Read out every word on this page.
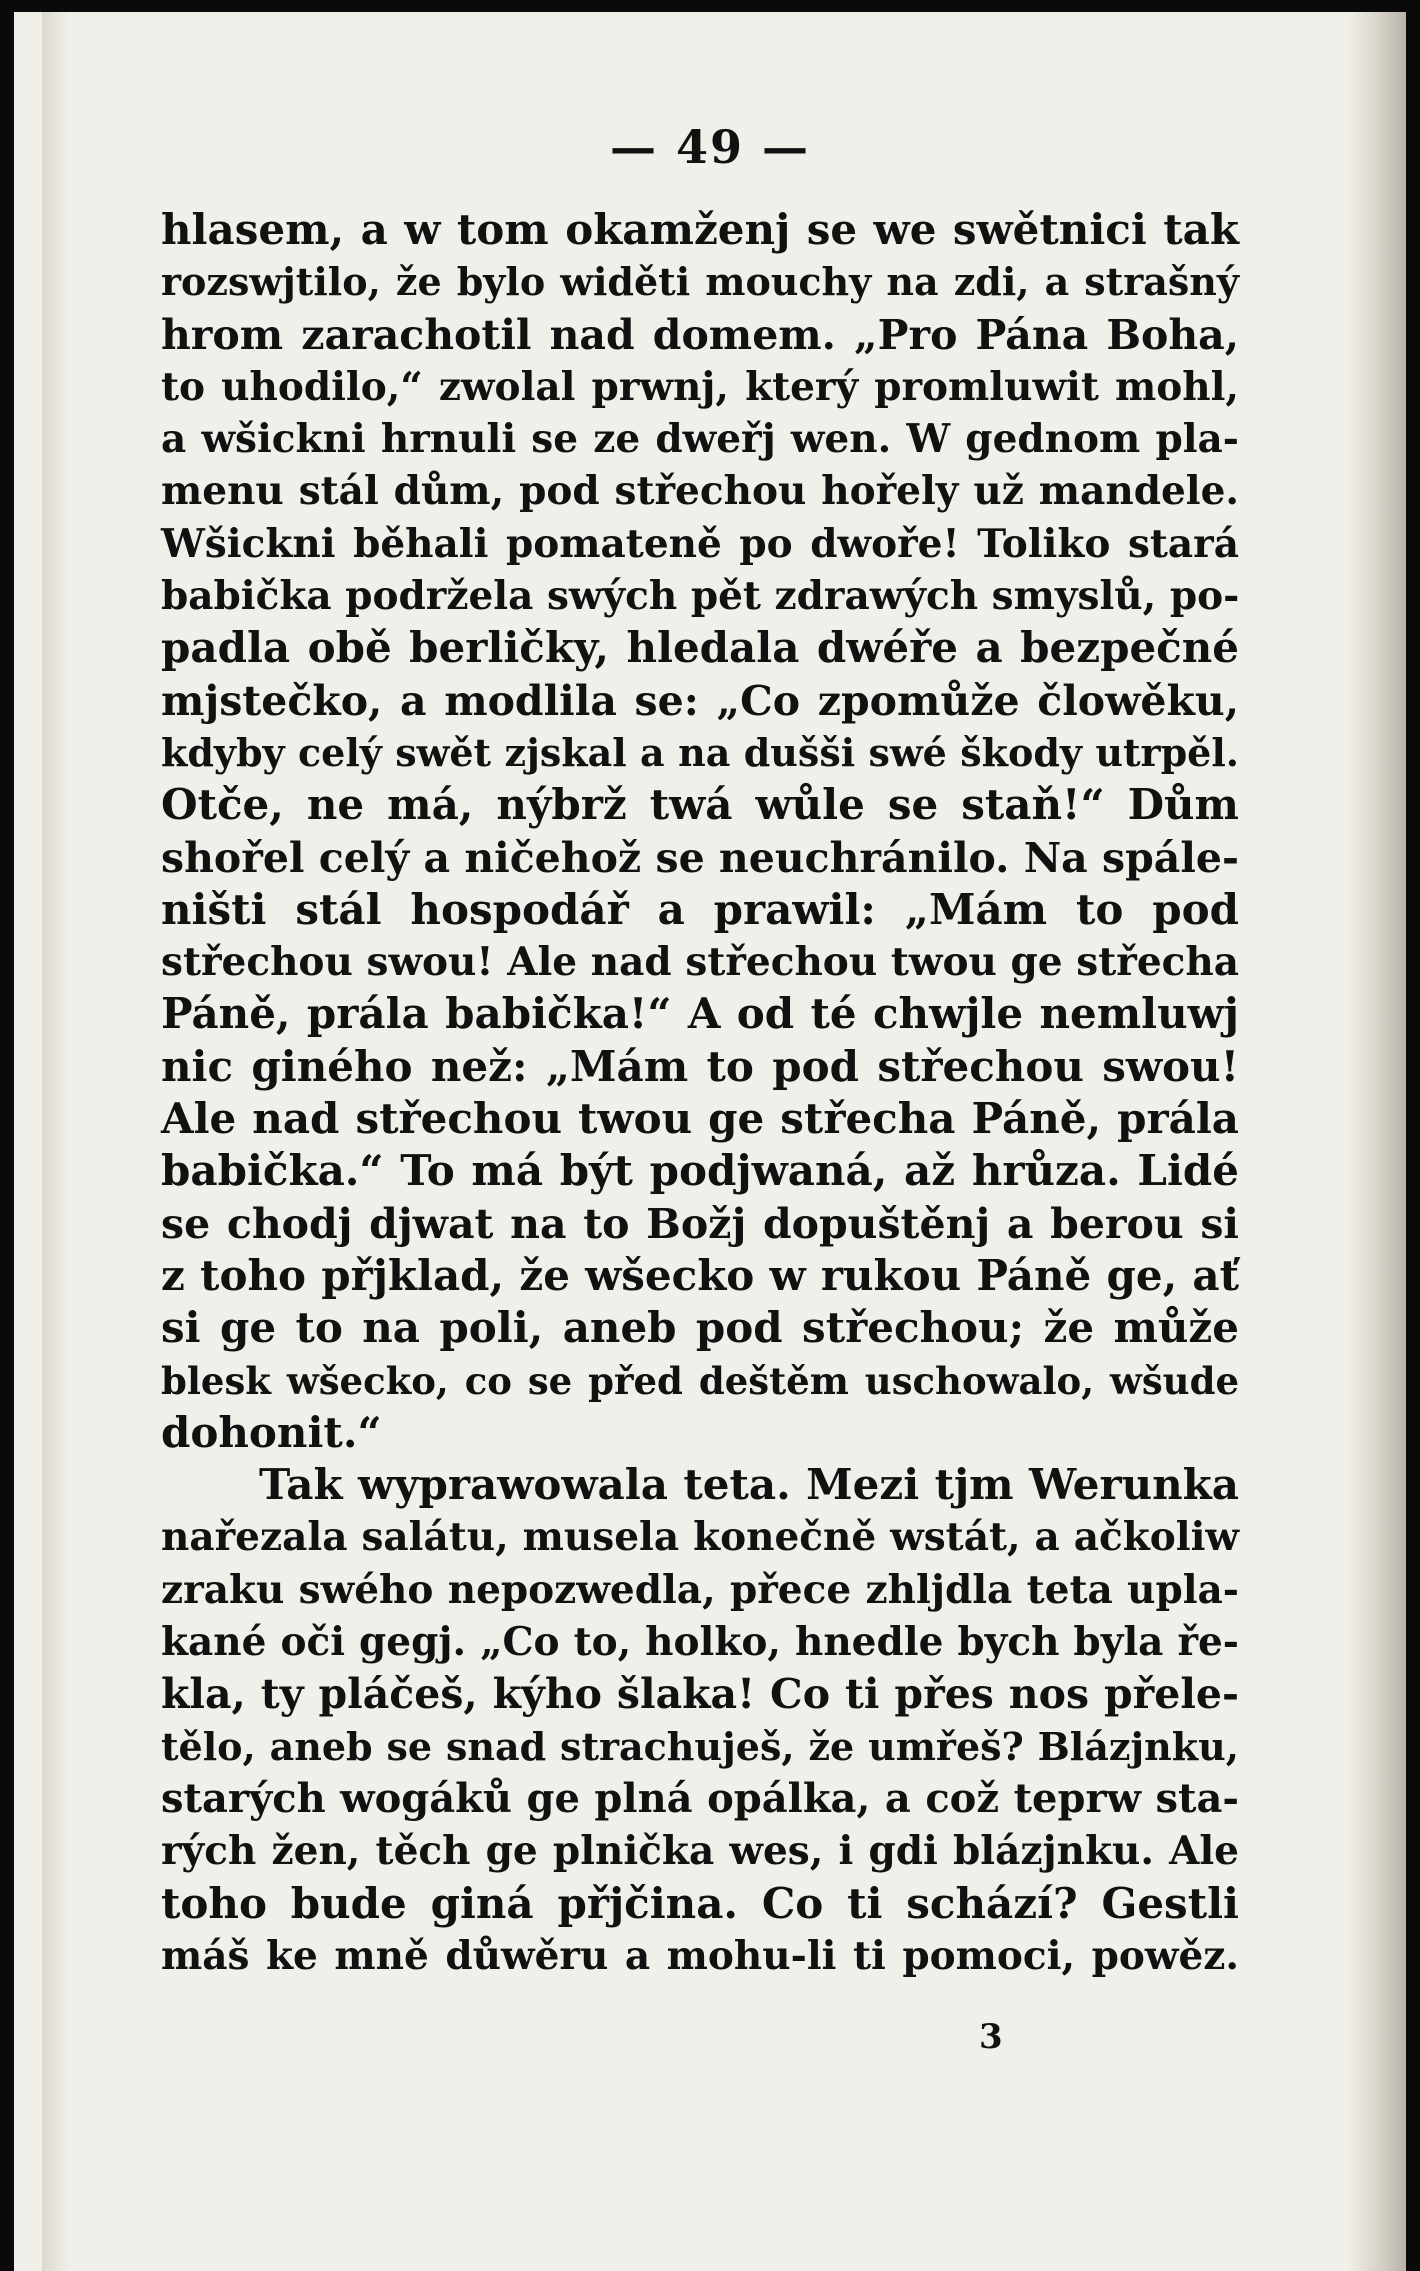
— 49 —
hlasem, a w tom okamženj se we swětnici tak
rozswjtilo, že bylo widěti mouchy na zdi, a strašný
hrom zarachotil nad domem. „Pro Pána Boha,
to uhodilo,“ zwolal prwnj, který promluwit mohl,
a wšickni hrnuli se ze dweřj wen. W gednom pla-
menu stál dům, pod střechou hořely už mandele.
Wšickni běhali pomateně po dwoře! Toliko stará
babička podržela swých pět zdrawých smyslů, po-
padla obě berličky, hledala dwéře a bezpečné
mjstečko, a modlila se: „Co zpomůže člowěku,
kdyby celý swět zjskal a na dušši swé škody utrpěl.
Otče, ne má, nýbrž twá wůle se staň!“ Dům
shořel celý a ničehož se neuchránilo. Na spále-
ništi stál hospodář a prawil: „Mám to pod
střechou swou! Ale nad střechou twou ge střecha
Páně, prála babička!“ A od té chwjle nemluwj
nic giného než: „Mám to pod střechou swou!
Ale nad střechou twou ge střecha Páně, prála
babička.“ To má být podjwaná, až hrůza. Lidé
se chodj djwat na to Božj dopuštěnj a berou si
z toho přjklad, že wšecko w rukou Páně ge, ať
si ge to na poli, aneb pod střechou; že může
blesk wšecko, co se před deštěm uschowalo, wšude
dohonit.“
Tak wyprawowala teta. Mezi tjm Werunka
nařezala salátu, musela konečně wstát, a ačkoliw
zraku swého nepozwedla, přece zhljdla teta upla-
kané oči gegj. „Co to, holko, hnedle bych byla ře-
kla, ty pláčeš, kýho šlaka! Co ti přes nos přele-
tělo, aneb se snad strachuješ, že umřeš? Blázjnku,
starých wogáků ge plná opálka, a což teprw sta-
rých žen, těch ge plnička wes, i gdi blázjnku. Ale
toho bude giná přjčina. Co ti schází? Gestli
máš ke mně důwěru a mohu-li ti pomoci, powěz.
3
